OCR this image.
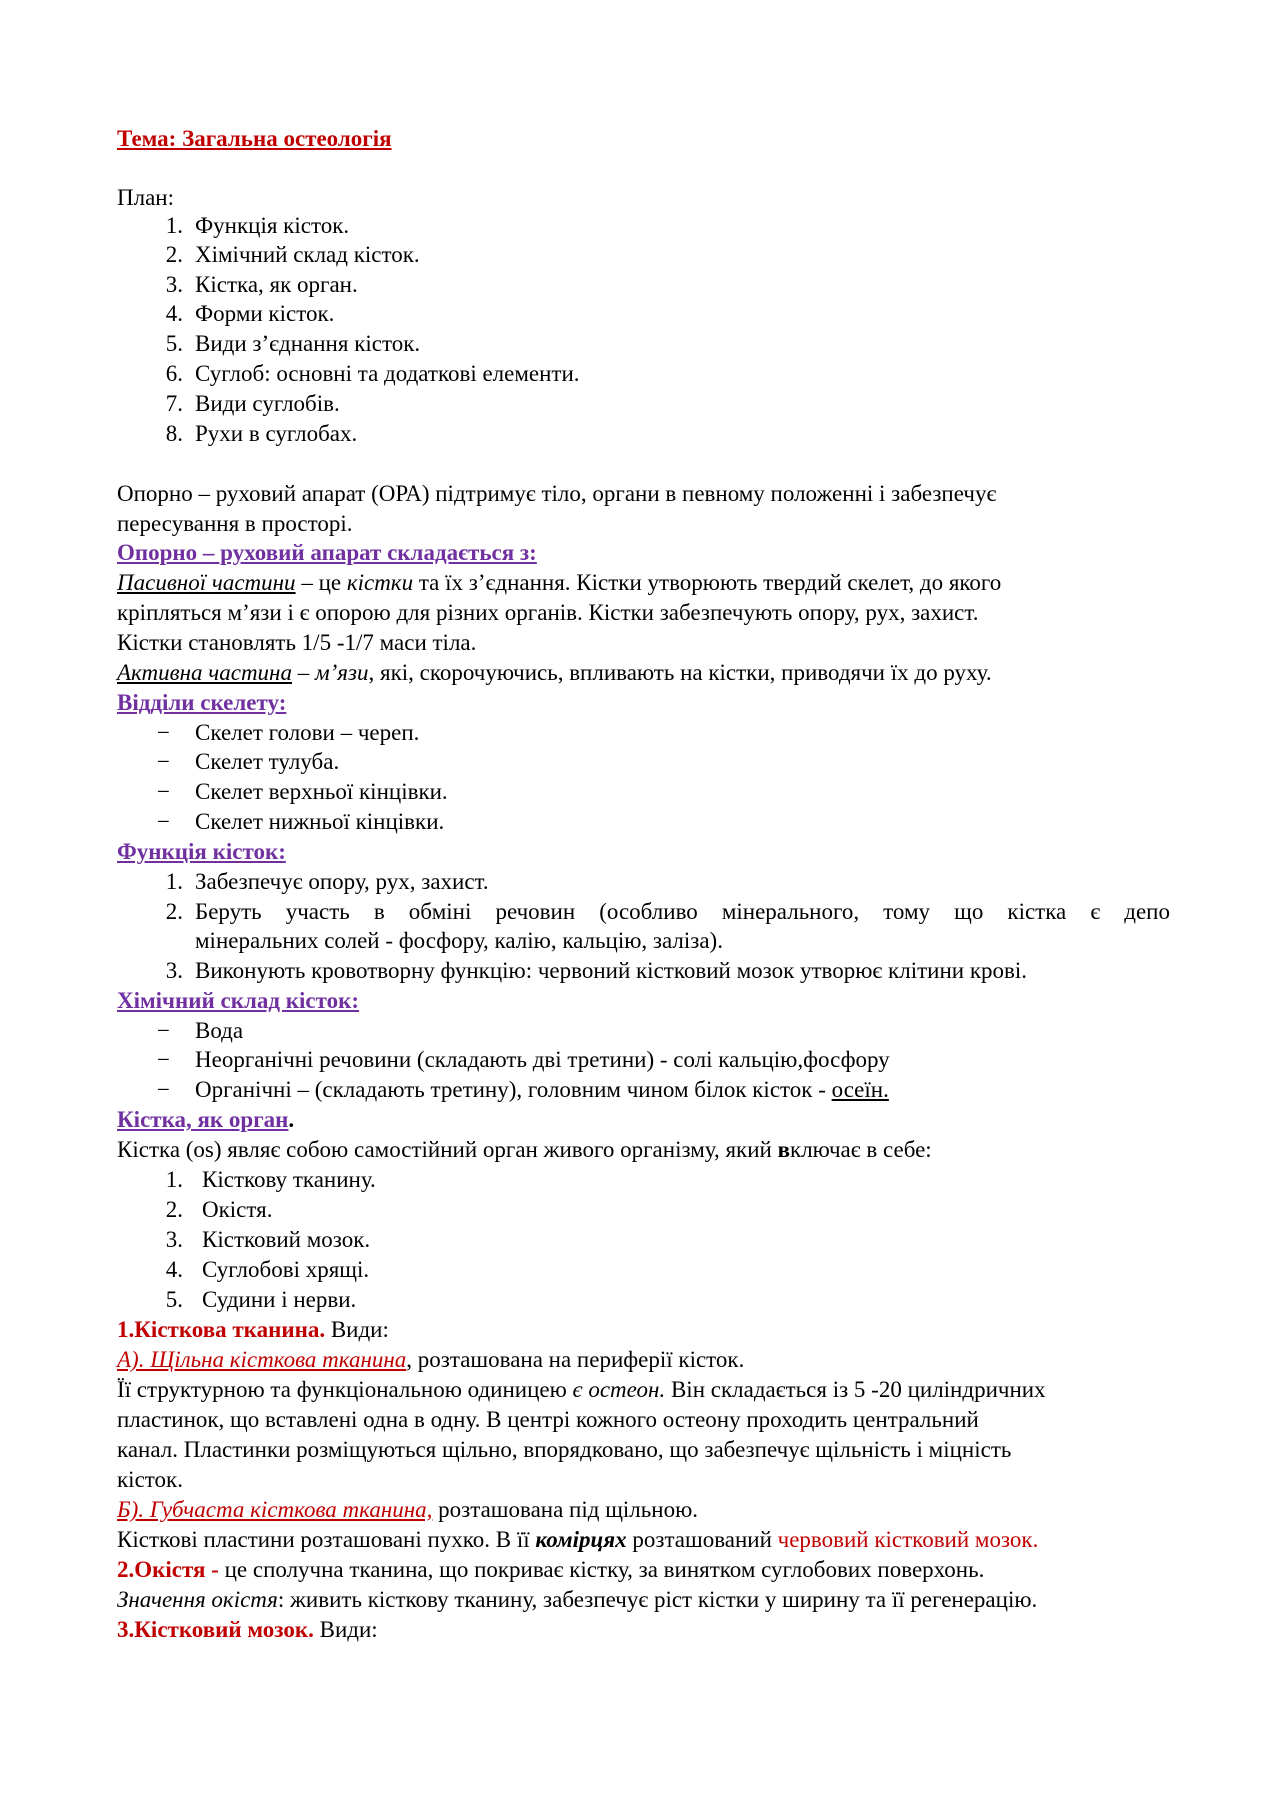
Тема: Загальна остеологія
План:
1. Функція кісток.
2. Хімічний склад кісток.
3. Кістка, як орган.
4. Форми кісток.
5. Види з’єднання кісток.
6. Суглоб: основні та додаткові елементи.
7. Види суглобів.
8. Рухи в суглобах.
Опорно – руховий апарат (ОРА) підтримує тіло, органи в певному положенні і забезпечує
пересування в просторі.
Опорно – руховий апарат складається з:
Пасивної частини – це кістки та їх з’єднання. Кістки утворюють твердий скелет, до якого
кріпляться м’язи і є опорою для різних органів. Кістки забезпечують опору, рух, захист.
Кістки становлять 1/5 -1/7 маси тіла.
Активна частина – м’язи, які, скорочуючись, впливають на кістки, приводячи їх до руху.
Відділи скелету:
− Скелет голови – череп.
− Скелет тулуба.
− Скелет верхньої кінцівки.
− Скелет нижньої кінцівки.
Функція кісток:
1. Забезпечує опору, рух, захист.
2. Беруть участь в обміні речовин (особливо мінерального, тому що кістка є депо
мінеральних солей - фосфору, калію, кальцію, заліза).
3. Виконують кровотворну функцію: червоний кістковий мозок утворює клітини крові.
Хімічний склад кісток:
− Вода
− Неорганічні речовини (складають дві третини) - солі кальцію,фосфору
− Органічні – (складають третину), головним чином білок кісток - осеїн.
Кістка, як орган.
Кістка (os) являє собою самостійний орган живого організму, який включає в себе:
1. Кісткову тканину.
2. Окістя.
3. Кістковий мозок.
4. Суглобові хрящі.
5. Судини і нерви.
1.Кісткова тканина. Види:
А). Щільна кісткова тканина, розташована на периферії кісток.
Її структурною та функціональною одиницею є остеон. Він складається із 5 -20 циліндричних
пластинок, що вставлені одна в одну. В центрі кожного остеону проходить центральний
канал. Пластинки розміщуються щільно, впорядковано, що забезпечує щільність і міцність
кісток.
Б). Губчаста кісткова тканина, розташована під щільною.
Кісткові пластини розташовані пухко. В її комірцях розташований червовий кістковий мозок.
2.Окістя - це сполучна тканина, що покриває кістку, за винятком суглобових поверхонь.
Значення окістя: живить кісткову тканину, забезпечує ріст кістки у ширину та її регенерацію.
3.Кістковий мозок. Види:
